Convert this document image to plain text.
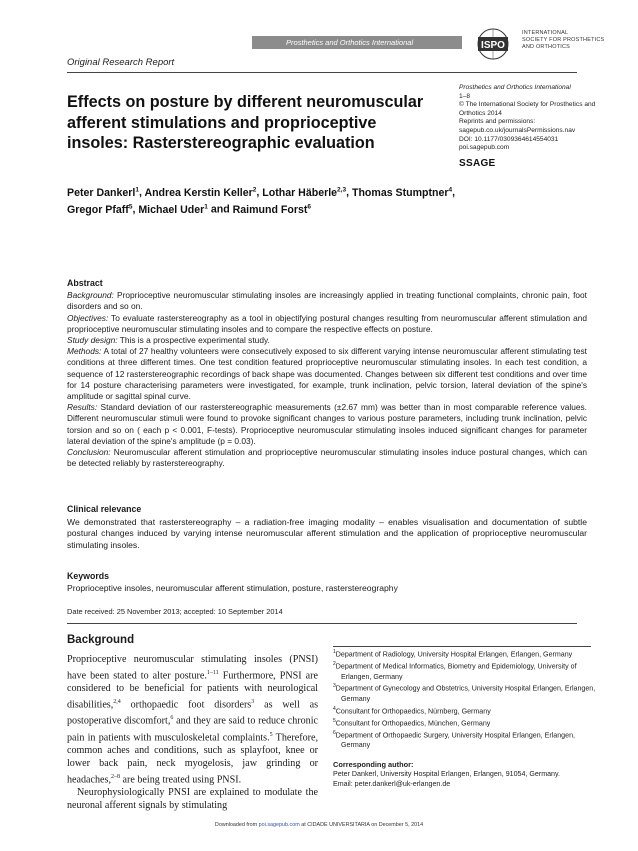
Prosthetics and Orthotics International	ISPO
INTERNATIONAL
SOCIETY FOR PROSTHETICS
AND ORTHOTICS
Original Research Report
Effects on posture by different neuromuscular afferent stimulations and proprioceptive insoles: Rasterstereographic evaluation
Prosthetics and Orthotics International
1–8
© The International Society for Prosthetics and Orthotics 2014
Reprints and permissions:
sagepub.co.uk/journalsPermissions.nav
DOI: 10.1177/0309364614554031
poi.sagepub.com
SSAGE
Peter Dankerl$^1$, Andrea Kerstin Keller$^2$, Lothar Häberle$^{2,3}$, Thomas Stumptner$^4$, Gregor Pfaff$^5$, Michael Uder$^1$ and Raimund Forst$^6$
Abstract

Background: Proprioceptive neuromuscular stimulating insoles are increasingly applied in treating functional complaints, chronic pain, foot disorders and so on.

Objectives: To evaluate rasterstereography as a tool in objectifying postural changes resulting from neuromuscular afferent stimulation and proprioceptive neuromuscular stimulating insoles and to compare the respective effects on posture.

Study design: This is a prospective experimental study.

Methods: A total of 27 healthy volunteers were consecutively exposed to six different varying intense neuromuscular afferent stimulating test conditions at three different times. One test condition featured proprioceptive neuromuscular stimulating insoles. In each test condition, a sequence of 12 rasterstereographic recordings of back shape was documented. Changes between six different test conditions and over time for 14 posture characterising parameters were investigated, for example, trunk inclination, pelvic torsion, lateral deviation of the spine's amplitude or sagittal spinal curve.

Results: Standard deviation of our rasterstereographic measurements (±2.67 mm) was better than in most comparable reference values. Different neuromuscular stimuli were found to provoke significant changes to various posture parameters, including trunk inclination, pelvic torsion and so on ( each p < 0.001, F-tests). Proprioceptive neuromuscular stimulating insoles induced significant changes for parameter lateral deviation of the spine's amplitude (p = 0.03).

Conclusion: Neuromuscular afferent stimulation and proprioceptive neuromuscular stimulating insoles induce postural changes, which can be detected reliably by rasterstereography.

Clinical relevance
We demonstrated that rasterstereography – a radiation-free imaging modality – enables visualisation and documentation of subtle postural changes induced by varying intense neuromuscular afferent stimulation and the application of proprioceptive neuromuscular stimulating insoles.
Keywords
Proprioceptive insoles, neuromuscular afferent stimulation, posture, rasterstereography
Date received: 25 November 2013; accepted: 10 September 2014
Background

Proprioceptive neuromuscular stimulating insoles (PNSI) have been stated to alter posture.$^{1-11}$ Furthermore, PNSI are considered to be beneficial for patients with neurological disabilities,$^{2,4}$ orthopaedic foot disorders$^3$ as well as postoperative discomfort,$^6$ and they are said to reduce chronic pain in patients with musculoskeletal complaints.$^5$ Therefore, common aches and conditions, such as splayfoot, knee or lower back pain, neck myogelosis, jaw grinding or headaches,$^{2-8}$ are being treated using PNSI.

Neurophysiologically PNSI are explained to modulate the neuronal afferent signals by stimulating

$^1$Department of Radiology, University Hospital Erlangen, Erlangen, Germany
$^2$Department of Medical Informatics, Biometry and Epidemiology, University of Erlangen, Germany
$^3$Department of Gynecology and Obstetrics, University Hospital Erlangen, Erlangen, Germany
$^4$Consultant for Orthopaedics, Nürnberg, Germany
$^5$Consultant for Orthopaedics, München, Germany
$^6$Department of Orthopaedic Surgery, University Hospital Erlangen, Erlangen, Germany
Corresponding author:
Peter Dankerl, University Hospital Erlangen, Erlangen, 91054, Germany.
Email: peter.dankerl@uk-erlangen.de
Downloaded from poi.sagepub.com at CIDADE UNIVERSITARIA on December 5, 2014
